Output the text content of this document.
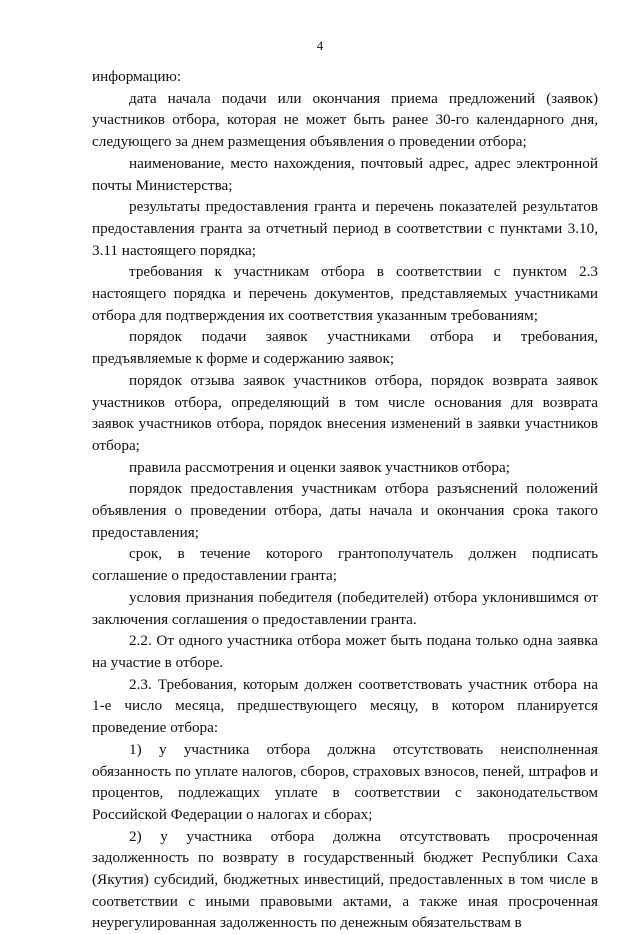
4

информацию:

дата начала подачи или окончания приема предложений (заявок) участников отбора, которая не может быть ранее 30-го календарного дня, следующего за днем размещения объявления о проведении отбора;

наименование, место нахождения, почтовый адрес, адрес электронной почты Министерства;

результаты предоставления гранта и перечень показателей результатов предоставления гранта за отчетный период в соответствии с пунктами 3.10, 3.11 настоящего порядка;

требования к участникам отбора в соответствии с пунктом 2.3 настоящего порядка и перечень документов, представляемых участниками отбора для подтверждения их соответствия указанным требованиям;

порядок подачи заявок участниками отбора и требования, предъявляемые к форме и содержанию заявок;

порядок отзыва заявок участников отбора, порядок возврата заявок участников отбора, определяющий в том числе основания для возврата заявок участников отбора, порядок внесения изменений в заявки участников отбора;

правила рассмотрения и оценки заявок участников отбора;

порядок предоставления участникам отбора разъяснений положений объявления о проведении отбора, даты начала и окончания срока такого предоставления;

срок, в течение которого грантополучатель должен подписать соглашение о предоставлении гранта;

условия признания победителя (победителей) отбора уклонившимся от заключения соглашения о предоставлении гранта.

2.2. От одного участника отбора может быть подана только одна заявка на участие в отборе.

2.3. Требования, которым должен соответствовать участник отбора на 1-е число месяца, предшествующего месяцу, в котором планируется проведение отбора:

1) у участника отбора должна отсутствовать неисполненная обязанность по уплате налогов, сборов, страховых взносов, пеней, штрафов и процентов, подлежащих уплате в соответствии с законодательством Российской Федерации о налогах и сборах;

2) у участника отбора должна отсутствовать просроченная задолженность по возврату в государственный бюджет Республики Саха (Якутия) субсидий, бюджетных инвестиций, предоставленных в том числе в соответствии с иными правовыми актами, а также иная просроченная неурегулированная задолженность по денежным обязательствам в
